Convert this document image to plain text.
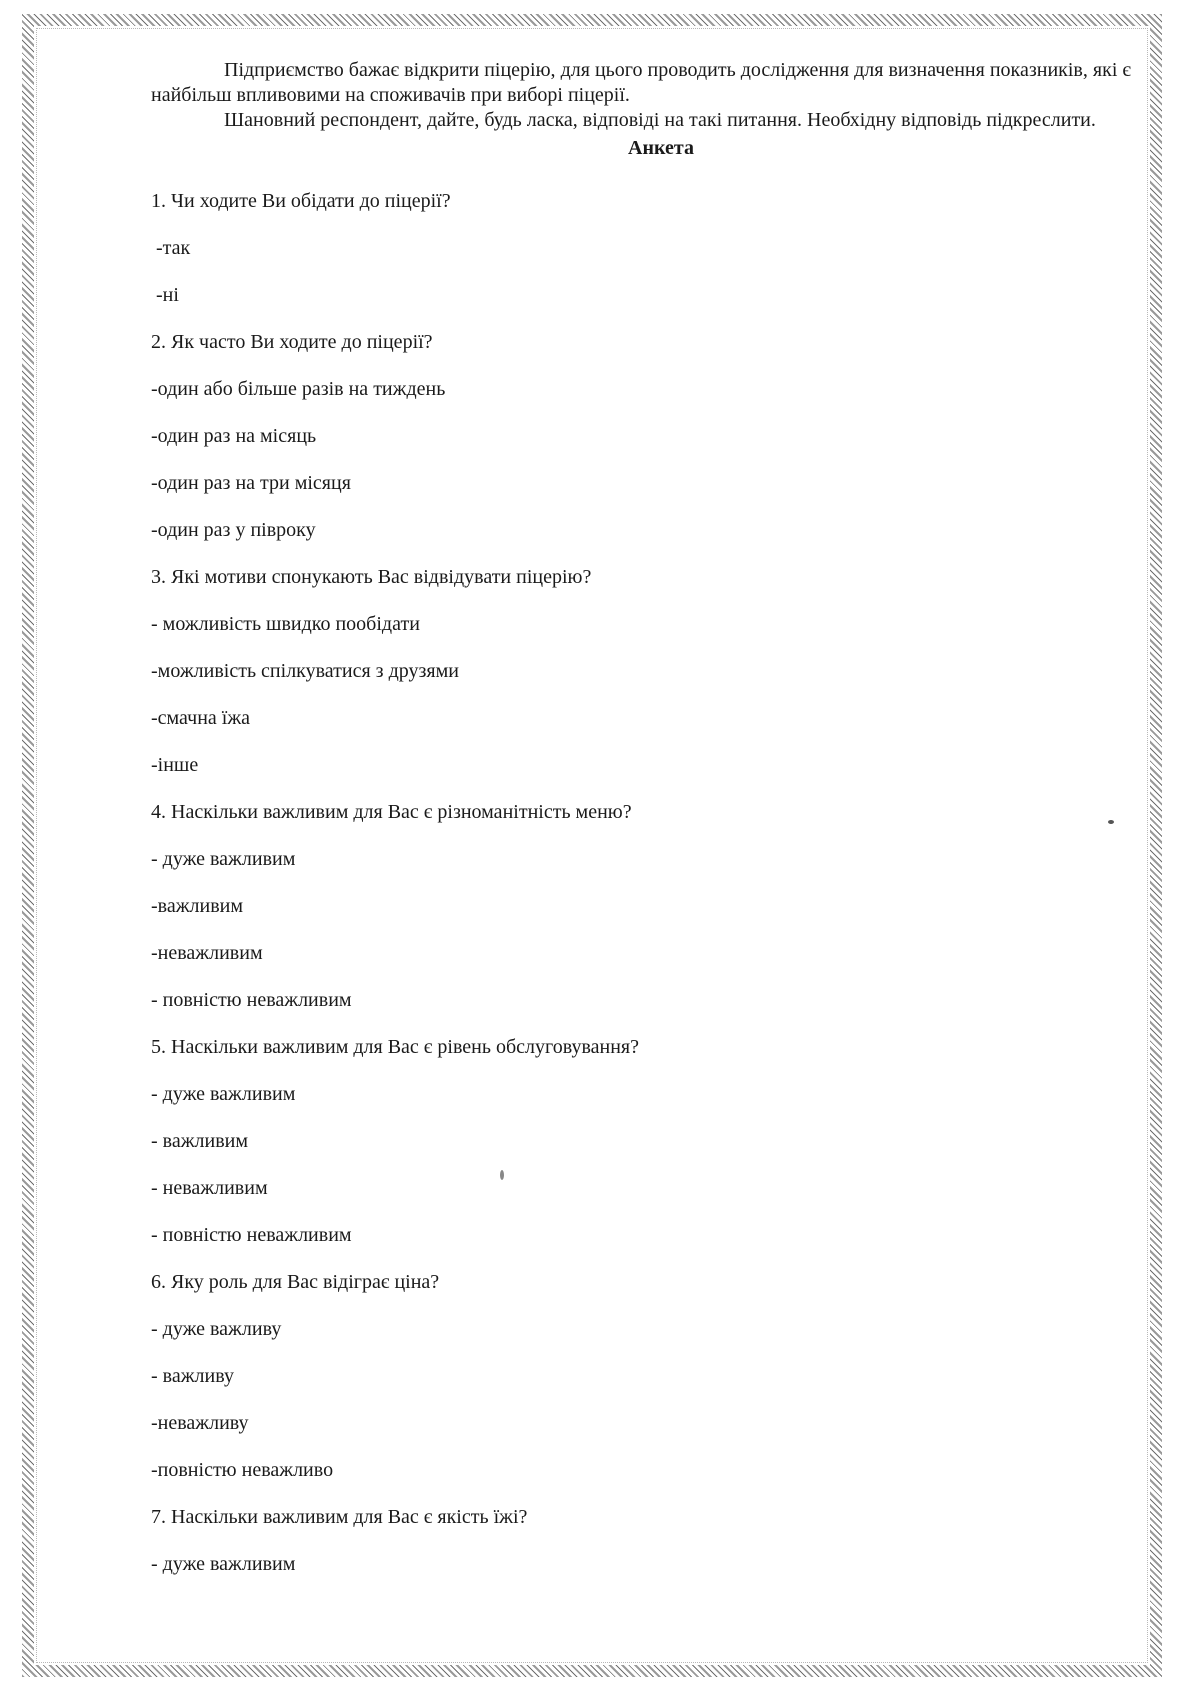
Підприємство бажає відкрити піцерію, для цього проводить дослідження для визначення показників, які є найбільш впливовими на споживачів при виборі піцерії.

Шановний респондент, дайте, будь ласка, відповіді на такі питання. Необхідну відповідь підкреслити.

Анкета
1. Чи ходите Ви обідати до піцерії?
-так
-ні
2. Як часто Ви ходите до піцерії?
-один або більше разів на тиждень
-один раз на місяць
-один раз на три місяця
-один раз у півроку
3. Які мотиви спонукають Вас відвідувати піцерію?
- можливість швидко пообідати
-можливість спілкуватися з друзями
-смачна їжа
-інше
4. Наскільки важливим для Вас є різноманітність меню?
- дуже важливим
-важливим
-неважливим
- повністю неважливим
5. Наскільки важливим для Вас є рівень обслуговування?
- дуже важливим
- важливим
- неважливим
- повністю неважливим
6. Яку роль для Вас відіграє ціна?
- дуже важливу
- важливу
-неважливу
-повністю неважливо
7. Наскільки важливим для Вас є якість їжі?
- дуже важливим
